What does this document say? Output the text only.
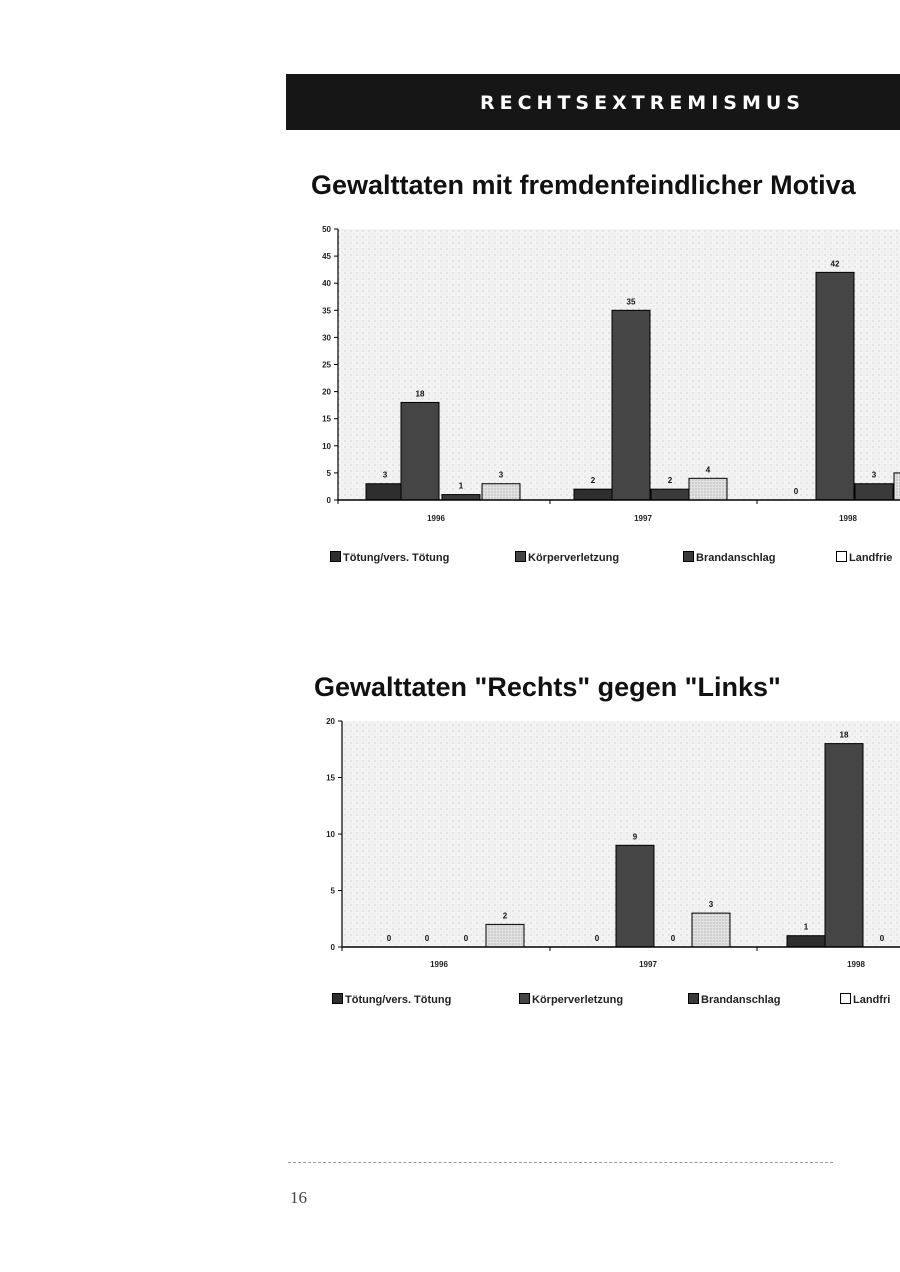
RECHTSEXTREMISMUS
Gewalttaten mit fremdenfeindlicher Motiva
0
5
10
15
20
25
30
35
40
45
50
3
2
0
18
35
42
1
2
3
3
4
1996	1997	1998
Tötung/vers. Tötung	Körperverletzung	Brandanschlag	Landfrie
Gewalttaten "Rechts" gegen "Links"
0
5
10
15
20
0	0
1
0
9
18
0	0	0
2
3
1996	1997	1998
Tötung/vers. Tötung	Körperverletzung	Brandanschlag	Landfri
16
